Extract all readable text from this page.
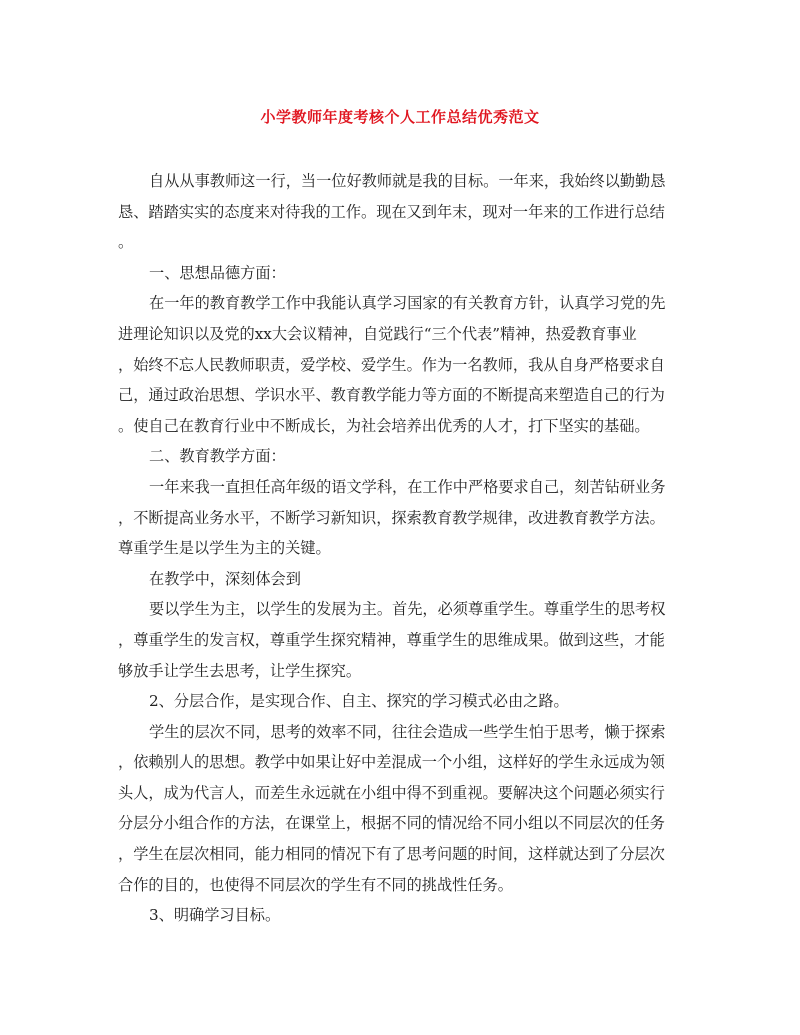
小学教师年度考核个人工作总结优秀范文
自从从事教师这一行，当一位好教师就是我的目标。一年来，我始终以勤勤恳
恳、踏踏实实的态度来对待我的工作。现在又到年末，现对一年来的工作进行总结
。
一、思想品德方面：
在一年的教育教学工作中我能认真学习国家的有关教育方针，认真学习党的先
进理论知识以及党的xx大会议精神，自觉践行“三个代表”精神，热爱教育事业
，始终不忘人民教师职责，爱学校、爱学生。作为一名教师，我从自身严格要求自
己，通过政治思想、学识水平、教育教学能力等方面的不断提高来塑造自己的行为
。使自己在教育行业中不断成长，为社会培养出优秀的人才，打下坚实的基础。
二、教育教学方面：
一年来我一直担任高年级的语文学科，在工作中严格要求自己，刻苦钻研业务
，不断提高业务水平，不断学习新知识，探索教育教学规律，改进教育教学方法。
尊重学生是以学生为主的关键。
在教学中，深刻体会到
要以学生为主，以学生的发展为主。首先，必须尊重学生。尊重学生的思考权
，尊重学生的发言权，尊重学生探究精神，尊重学生的思维成果。做到这些，才能
够放手让学生去思考，让学生探究。
2、分层合作，是实现合作、自主、探究的学习模式必由之路。
学生的层次不同，思考的效率不同，往往会造成一些学生怕于思考，懒于探索
，依赖别人的思想。教学中如果让好中差混成一个小组，这样好的学生永远成为领
头人，成为代言人，而差生永远就在小组中得不到重视。要解决这个问题必须实行
分层分小组合作的方法，在课堂上，根据不同的情况给不同小组以不同层次的任务
，学生在层次相同，能力相同的情况下有了思考问题的时间，这样就达到了分层次
合作的目的，也使得不同层次的学生有不同的挑战性任务。
3、明确学习目标。
